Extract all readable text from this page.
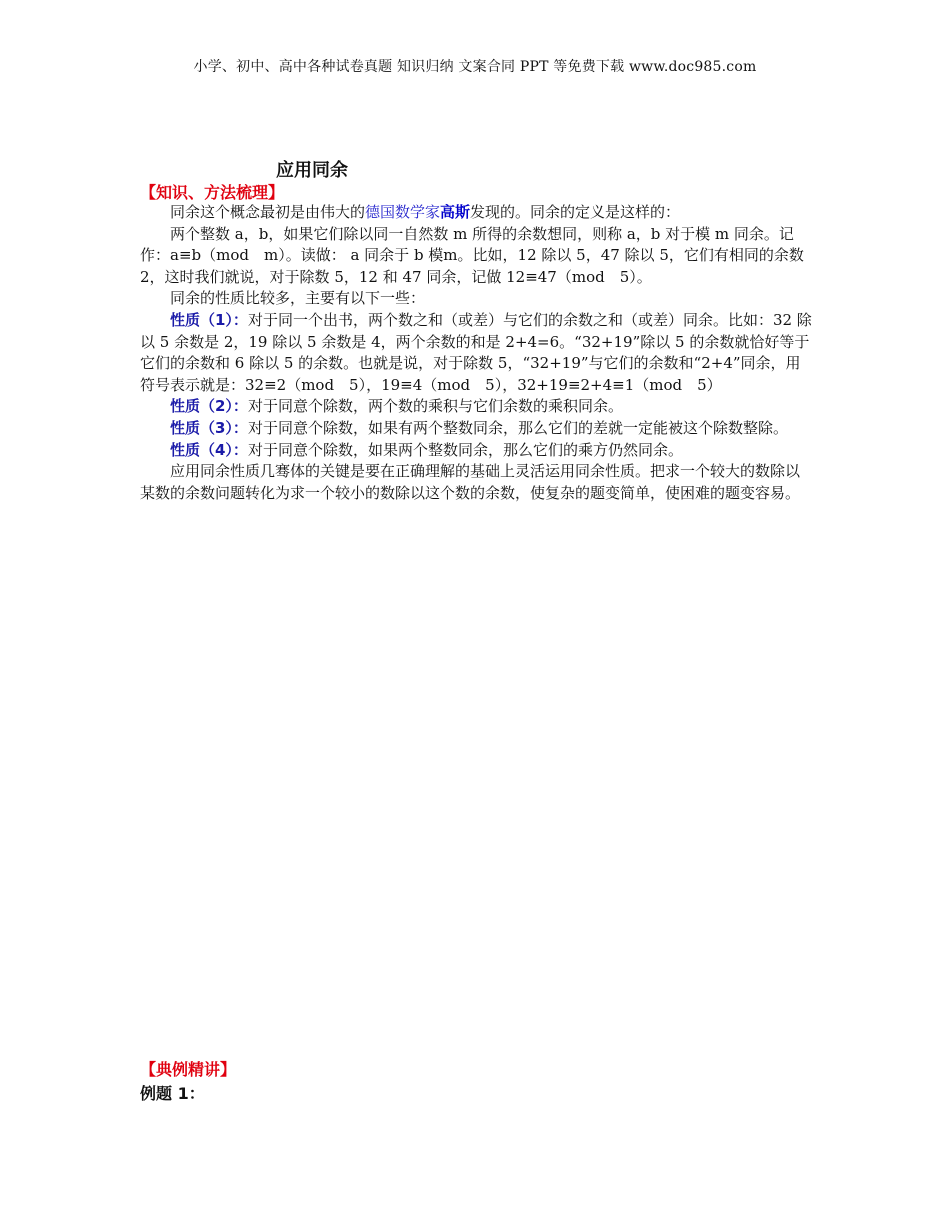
小学、初中、高中各种试卷真题 知识归纳 文案合同 PPT 等免费下载 www.doc985.com
应用同余
【知识、方法梳理】

同余这个概念最初是由伟大的德国数学家高斯发现的。同余的定义是这样的：

两个整数 a，b，如果它们除以同一自然数 m 所得的余数想同，则称 a，b 对于模 m 同余。记作：a≡b（mod　m）。读做： a 同余于 b 模m。比如，12 除以 5，47 除以 5，它们有相同的余数 2，这时我们就说，对于除数 5，12 和 47 同余，记做 12≡47（mod　5）。

同余的性质比较多，主要有以下一些：

性质（1）：对于同一个出书，两个数之和（或差）与它们的余数之和（或差）同余。比如：32 除以 5 余数是 2，19 除以 5 余数是 4，两个余数的和是 2+4=6。“32+19”除以 5 的余数就恰好等于它们的余数和 6 除以 5 的余数。也就是说，对于除数 5，“32+19”与它们的余数和“2+4”同余，用符号表示就是：32≡2（mod　5），19≡4（mod　5），32+19≡2+4≡1（mod　5）

性质（2）：对于同意个除数，两个数的乘积与它们余数的乘积同余。

性质（3）：对于同意个除数，如果有两个整数同余，那么它们的差就一定能被这个除数整除。

性质（4）：对于同意个除数，如果两个整数同余，那么它们的乘方仍然同余。

应用同余性质几骞体的关键是要在正确理解的基础上灵活运用同余性质。把求一个较大的数除以某数的余数问题转化为求一个较小的数除以这个数的余数，使复杂的题变简单，使困难的题变容易。

【典例精讲】
例题 1：
